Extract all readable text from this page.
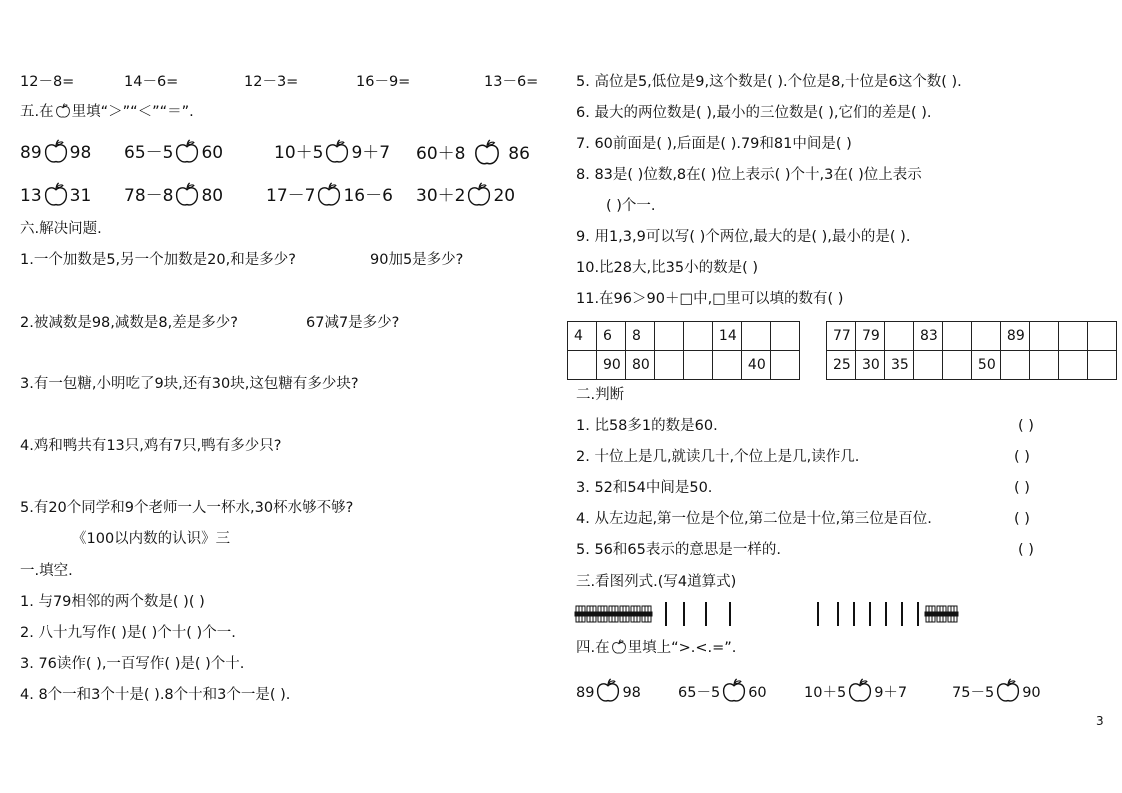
12－8=	14－6=	12－3=	16－9=	13－6=
五.在 里填“＞”“＜”“＝”.
89 98 65－5 60	10＋5 9＋7 60＋8	86
13 31 78－8 80	17－7 16－6 30＋2 20
六.解决问题.
1.一个加数是5,另一个加数是20,和是多少?	90加5是多少?
2.被减数是98,减数是8,差是多少?	67减7是多少?
3.有一包糖,小明吃了9块,还有30块,这包糖有多少块?
4.鸡和鸭共有13只,鸡有7只,鸭有多少只?
5.有20个同学和9个老师一人一杯水,30杯水够不够?
《100以内数的认识》三
一.填空.
1. 与79相邻的两个数是( )( )
2. 八十九写作( )是( )个十( )个一.
3. 76读作( ),一百写作( )是( )个十.
4. 8个一和3个十是( ).8个十和3个一是( ).
5. 高位是5,低位是9,这个数是( ).个位是8,十位是6这个数( ).
6. 最大的两位数是( ),最小的三位数是( ),它们的差是( ).
7. 60前面是( ),后面是( ).79和81中间是( )
8. 83是( )位数,8在( )位上表示( )个十,3在( )位上表示
( )个一.
9. 用1,3,9可以写( )个两位,最大的是( ),最小的是( ).
10.比28大,比35小的数是( )
11.在96＞90＋□中,□里可以填的数有( )
4	6	8			14		
	90	80				40	
77	79		83			89			
25	30	35			50				
二.判断
1. 比58多1的数是60.	( )
2. 十位上是几,就读几十,个位上是几,读作几.	( )
3. 52和54中间是50.	( )
4. 从左边起,第一位是个位,第二位是十位,第三位是百位.	( )
5. 56和65表示的意思是一样的.	( )
三.看图列式.(写4道算式)
四.在 里填上“>.<.=”.
89 98	65－5 60	10＋5 9＋7	75－5 90
3
